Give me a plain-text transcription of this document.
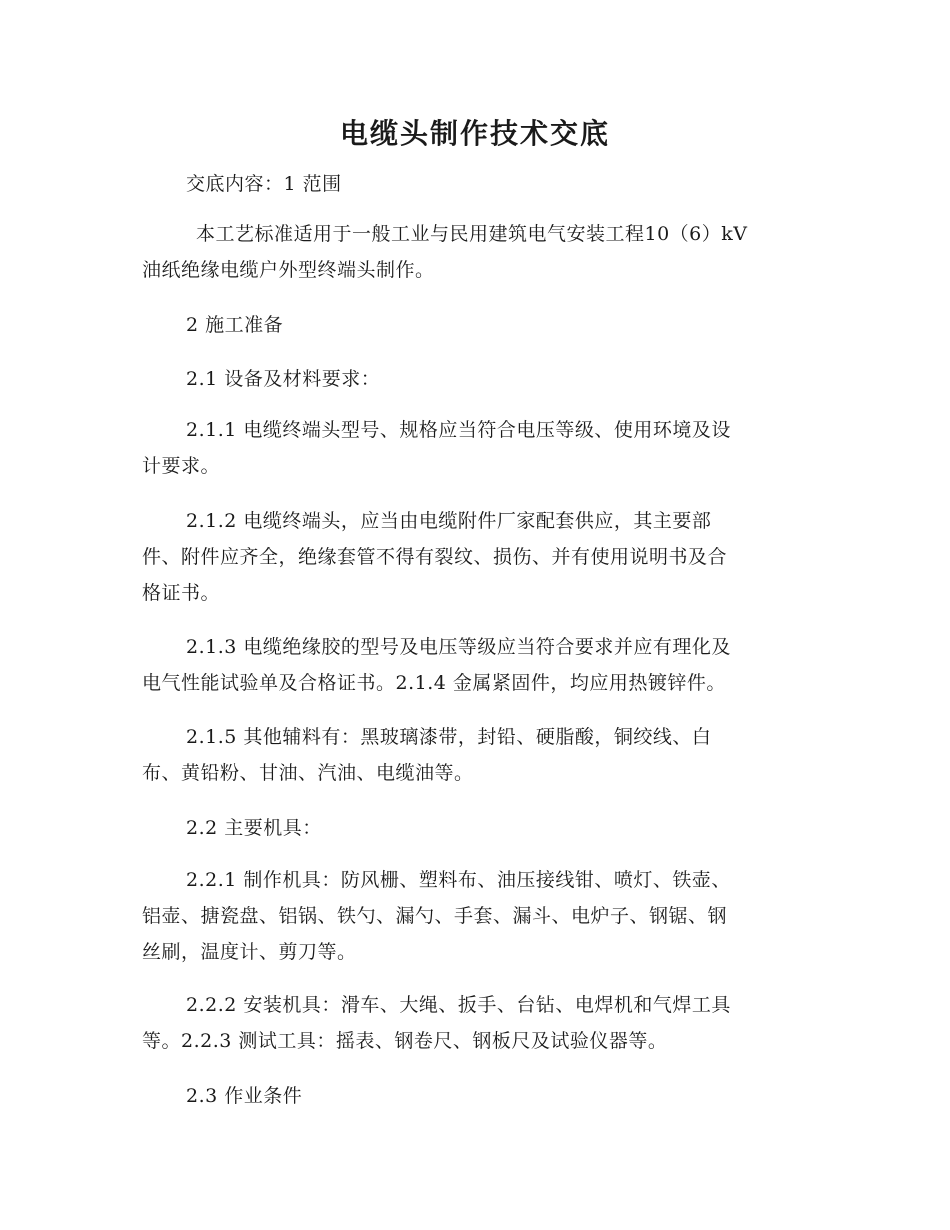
电缆头制作技术交底
交底内容：1 范围
本工艺标准适用于一般工业与民用建筑电气安装工程10（6）kV
油纸绝缘电缆户外型终端头制作。
2 施工准备
2.1 设备及材料要求：
2.1.1 电缆终端头型号、规格应当符合电压等级、使用环境及设
计要求。
2.1.2 电缆终端头，应当由电缆附件厂家配套供应，其主要部
件、附件应齐全，绝缘套管不得有裂纹、损伤、并有使用说明书及合
格证书。
2.1.3 电缆绝缘胶的型号及电压等级应当符合要求并应有理化及
电气性能试验单及合格证书。2.1.4 金属紧固件，均应用热镀锌件。
2.1.5 其他辅料有：黑玻璃漆带，封铅、硬脂酸，铜绞线、白
布、黄铅粉、甘油、汽油、电缆油等。
2.2 主要机具：
2.2.1 制作机具：防风栅、塑料布、油压接线钳、喷灯、铁壶、
铝壶、搪瓷盘、铝锅、铁勺、漏勺、手套、漏斗、电炉子、钢锯、钢
丝刷，温度计、剪刀等。
2.2.2 安装机具：滑车、大绳、扳手、台钻、电焊机和气焊工具
等。2.2.3 测试工具：摇表、钢卷尺、钢板尺及试验仪器等。
2.3 作业条件
